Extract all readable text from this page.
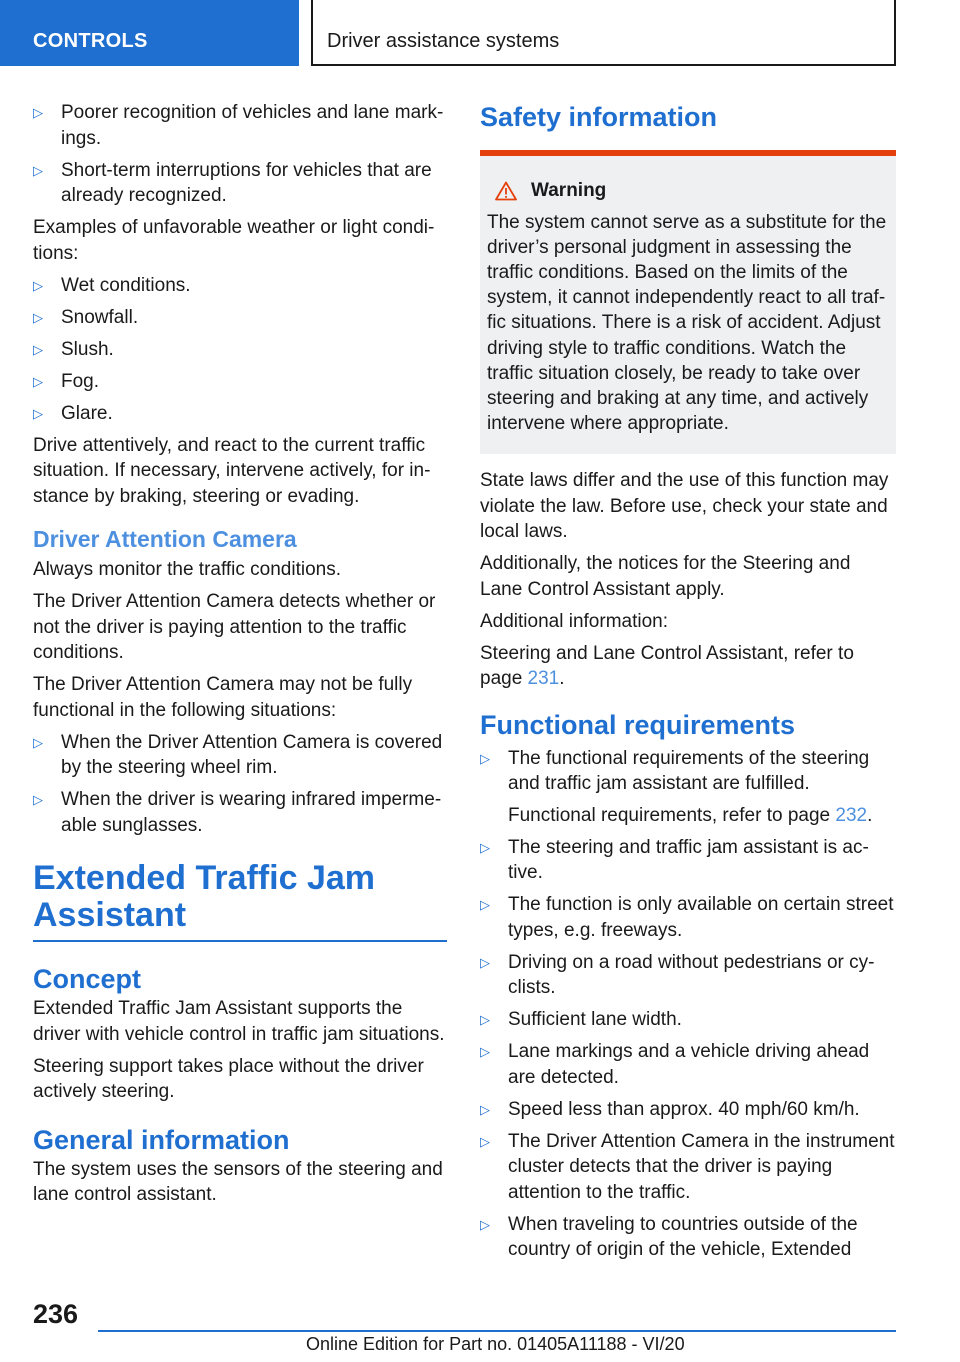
CONTROLS	Driver assistance systems
▷ Poorer recognition of vehicles and lane markings.
▷ Short-term interruptions for vehicles that are already recognized.

Examples of unfavorable weather or light conditions:

▷ Wet conditions.
▷ Snowfall.
▷ Slush.
▷ Fog.
▷ Glare.

Drive attentively, and react to the current traffic situation. If necessary, intervene actively, for instance by braking, steering or evading.

Driver Attention Camera

Always monitor the traffic conditions.

The Driver Attention Camera detects whether or not the driver is paying attention to the traffic conditions.

The Driver Attention Camera may not be fully functional in the following situations:

▷ When the Driver Attention Camera is covered by the steering wheel rim.
▷ When the driver is wearing infrared impermeable sunglasses.
Extended Traffic Jam Assistant
Concept

Extended Traffic Jam Assistant supports the driver with vehicle control in traffic jam situations.

Steering support takes place without the driver actively steering.

General information

The system uses the sensors of the steering and lane control assistant.

Safety information
Warning
The system cannot serve as a substitute for the driver’s personal judgment in assessing the traffic conditions. Based on the limits of the system, it cannot independently react to all traffic situations. There is a risk of accident. Adjust driving style to traffic conditions. Watch the traffic situation closely, be ready to take over steering and braking at any time, and actively intervene where appropriate.

State laws differ and the use of this function may violate the law. Before use, check your state and local laws.

Additionally, the notices for the Steering and Lane Control Assistant apply.

Additional information:

Steering and Lane Control Assistant, refer to page 231.

Functional requirements
▷ The functional requirements of the steering and traffic jam assistant are fulfilled.
Functional requirements, refer to page 232.
▷ The steering and traffic jam assistant is active.
▷ The function is only available on certain street types, e.g. freeways.
▷ Driving on a road without pedestrians or cyclists.
▷ Sufficient lane width.
▷ Lane markings and a vehicle driving ahead are detected.
▷ Speed less than approx. 40 mph/60 km/h.
▷ The Driver Attention Camera in the instrument cluster detects that the driver is paying attention to the traffic.
▷ When traveling to countries outside of the country of origin of the vehicle, Extended
236
Online Edition for Part no. 01405A11188 - VI/20
